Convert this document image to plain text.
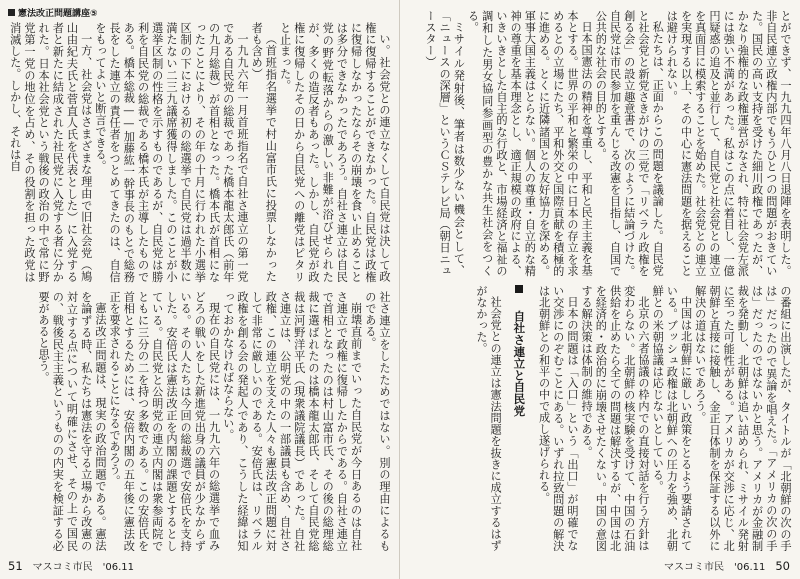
憲法改正問題講座⑤

い。社会党との連立なくして自民党は決して政権に復帰することができなかった。自民党は政権に復帰しなかったならその崩壊を食い止めることは多分できなかったであろう。自社さ連立は自民党の野党転落からの激しい非難が浴びせられたが、多くの造反者もあった。しかし、自民党が政権に復帰したその日から自民党への離党はピタリと止まった。

（首班指名選挙で村山富市氏に投票しなかった者も含め）

一九九六年一月首班指名で自社さ連立の第一党である自民党の総裁であった橋本龍太郎氏（前年の九月総裁）が首相となった。橋本氏が首相になったことにより、その年の十月に行われた小選挙区制の下における初の総選挙で自民党は過半数に満たない二三九議席獲得しました。このことが小選挙区制の性格を示すものであるが、自民党は勝利を自民党の総裁である橋本氏が主導したものである。橋本総裁——加藤紘一幹事長のもとで総務長をした連立の責任者をつとめてきたのは、自信をもってよいと断言できる。

一方、社会党はさまざまな理由で旧社会党（鳩山由紀夫氏と菅直人氏を代表とした）に入党する者と新たに結成された社民党に入党する者に分かれた。日本社会党という戦後の政治の中で常に野党第一党の地位を占め、その役割を担った政党は消滅した。しかし、それは自

社さ連立をしたためではない。別の理由によるものである。

崩壊直前までいった自民党が今日あるのは自社さ連立で政権に復帰したからである。自社さ連立で首相となったのは村山富市氏、その後の総理総裁に選ばれたのは橋本龍太郎氏、そして自民党総裁は河野洋平氏（現衆議院議長）であった。自社さ連立は、公明党の中の一部議員も含め、自社さ政権、この連立を支えた人々も憲法改正問題に対して非常に厳しいのである。安倍氏は、リベラル政権を創る会の発起人であり、こうした経緯は知っておかなければならない。

現在の自民党には、一九九六年の総選挙で血みどろの戦いをした新進党出身の議員が少なからずいる。その人たちは今回の総裁選で安倍氏を支持した。安倍氏は憲法改正を内閣の課題とするとしている。自民党と公明党の連立内閣は衆参両院でともに三分の二を持つ多数である。この安倍氏を首相とするためには、安倍内閣の五年後に憲法改正を要求されることになるであろう。

憲法改正問題は、現実の政治問題である。憲法を論ずる時、私たちは憲法を守る立場から改憲の対立する点について明確にさせ、その上で国民の、戦後民主主義というものの内実を検証する必要があると思う。

51 マスコミ市民 '06.11

とができず、一九九四年八月八日退陣を表明した。非自民連立政権内部でもうひとつの問題がおきていた。国民の高い支持を受けた細川政権であったが、かなり強権的な政権運営がなされ、特に社会党左派には強い不満があった。私はこの点に着目し、一億円疑惑の追及と並行して、自民党と社会党との連立を真面目に模索することを始めた。社会党との連立を実現する以上、その中心に憲法問題を据えることは避けられない。

私たちは、正面からこの問題を議論した。自民党と社会党と新党さきがけの三党で「リベラル政権を創る会」の設立趣意書で、次のように結論づけた。自民党は市民参加を重んじる改憲を目指し、自国で公共的な社会の目的とする。

日本国憲法の精神を尊重し、平和と民主主義を基本とする。世界の平和と繁栄の中に日本の存立を求めるとの立場にたち、平和外交と国際貢献を積極的に進める。とくに近隣諸国との友好協力を深める。軍事大国主義はとらない。個人の尊重・自立的な精神の尊重を基本理念とし、適正規模の政府による、いきいきとした自主的な行政と、市場経済と福祉の調和した男女協同参画型の豊かな共生社会をつくる。

ミサイル発射後、筆者は数少ない機会として、「ニュースの深層」というＣＳテレビ局（朝日ニュースター）

の番組に出演したが、タイトルが「北朝鮮の次の手は」だったので異論を唱えた。「アメリカの次の手は」だったのではないかと思う。アメリカが金融制裁を発動し、北朝鮮は追い詰められ、ミサイル発射に至った可能性がある。アメリカが交渉に応じ、北朝鮮と直接に接触し、金正日体制を保証する以外に解決の道はないであろう。

中国は北朝鮮に厳しい政策をとるよう要請されている。ブッシュ政権は北朝鮮への圧力を強め、北朝鮮との米朝協議は応じないとしている。

北京の六者協議の枠内での直接対話を行う方針は変わらない。北朝鮮の核実験を受けて、中国の石油供給を止めたら全ての問題は解決するが、中国は北を経済的・政治的に崩壊させたくない。中国の意図する解決策は体制の維持である。

日本の問題は「入口」という「出口」が明確でない交渉にのぞむことにある。いずれ拉致問題の解決は北朝鮮との和平の中で成し遂げられる。

自社さ連立と自民党

社会党との連立は憲法問題を抜きに成立するはずがなかった。

マスコミ市民 '06.11 50
